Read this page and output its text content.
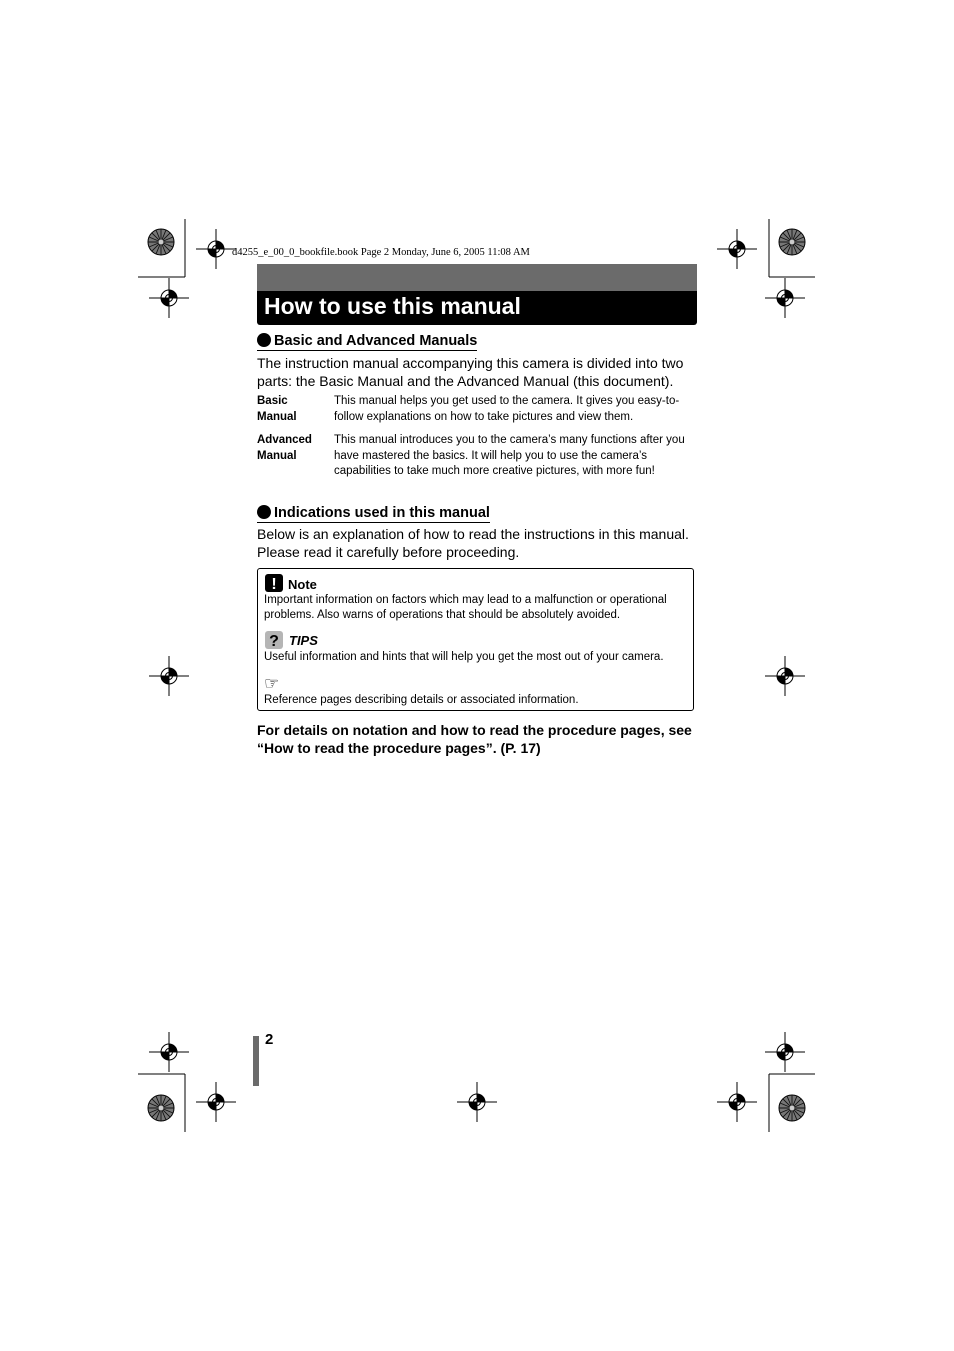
d4255_e_00_0_bookfile.book Page 2 Monday, June 6, 2005 11:08 AM
How to use this manual
Basic and Advanced Manuals
The instruction manual accompanying this camera is divided into two parts: the Basic Manual and the Advanced Manual (this document).
Basic
Manual
This manual helps you get used to the camera. It gives you easy-to-follow explanations on how to take pictures and view them.
Advanced
Manual
This manual introduces you to the camera’s many functions after you have mastered the basics. It will help you to use the camera’s capabilities to take much more creative pictures, with more fun!
Indications used in this manual
Below is an explanation of how to read the instructions in this manual. Please read it carefully before proceeding.
! Note
Important information on factors which may lead to a malfunction or operational problems. Also warns of operations that should be absolutely avoided.
? TIPS
Useful information and hints that will help you get the most out of your camera.
☞
Reference pages describing details or associated information.
For details on notation and how to read the procedure pages, see “How to read the procedure pages”. (P. 17)
2
